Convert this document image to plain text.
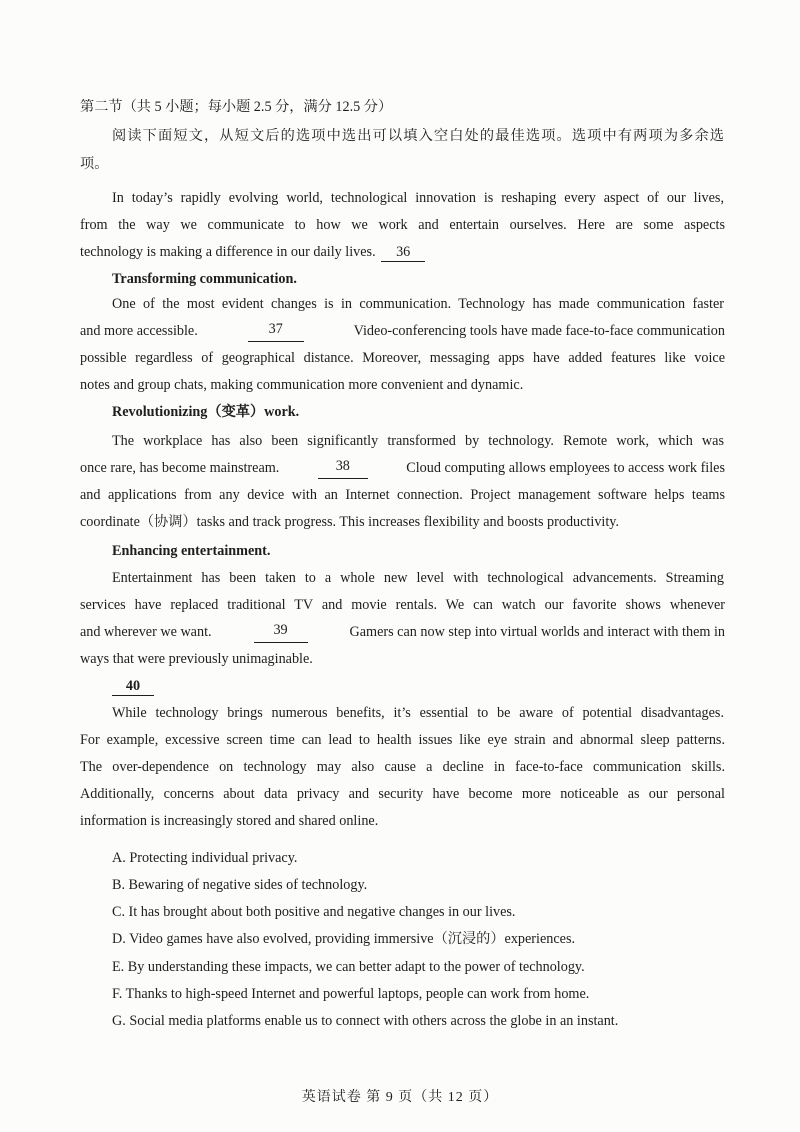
第二节（共 5 小题；每小题 2.5 分，满分 12.5 分）
阅读下面短文，从短文后的选项中选出可以填入空白处的最佳选项。选项中有两项为多余选
项。
In today’s rapidly evolving world, technological innovation is reshaping every aspect of our lives,
from the way we communicate to how we work and entertain ourselves. Here are some aspects
technology is making a difference in our daily lives. 36
Transforming communication.
One of the most evident changes is in communication. Technology has made communication faster
and more accessible.	37	Video-conferencing tools have made face-to-face communication
possible regardless of geographical distance. Moreover, messaging apps have added features like voice
notes and group chats, making communication more convenient and dynamic.
Revolutionizing（变革）work.
The workplace has also been significantly transformed by technology. Remote work, which was
once rare, has become mainstream.	38	Cloud computing allows employees to access work files
and applications from any device with an Internet connection. Project management software helps teams
coordinate（协调）tasks and track progress. This increases flexibility and boosts productivity.
Enhancing entertainment.
Entertainment has been taken to a whole new level with technological advancements. Streaming
services have replaced traditional TV and movie rentals. We can watch our favorite shows whenever
and wherever we want.	39	Gamers can now step into virtual worlds and interact with them in
ways that were previously unimaginable.
40
While technology brings numerous benefits, it’s essential to be aware of potential disadvantages.
For example, excessive screen time can lead to health issues like eye strain and abnormal sleep patterns.
The over-dependence on technology may also cause a decline in face-to-face communication skills.
Additionally, concerns about data privacy and security have become more noticeable as our personal
information is increasingly stored and shared online.
A. Protecting individual privacy.
B. Bewaring of negative sides of technology.
C. It has brought about both positive and negative changes in our lives.
D. Video games have also evolved, providing immersive（沉浸的）experiences.
E. By understanding these impacts, we can better adapt to the power of technology.
F. Thanks to high-speed Internet and powerful laptops, people can work from home.
G. Social media platforms enable us to connect with others across the globe in an instant.
英语试卷 第 9 页（共 12 页）
